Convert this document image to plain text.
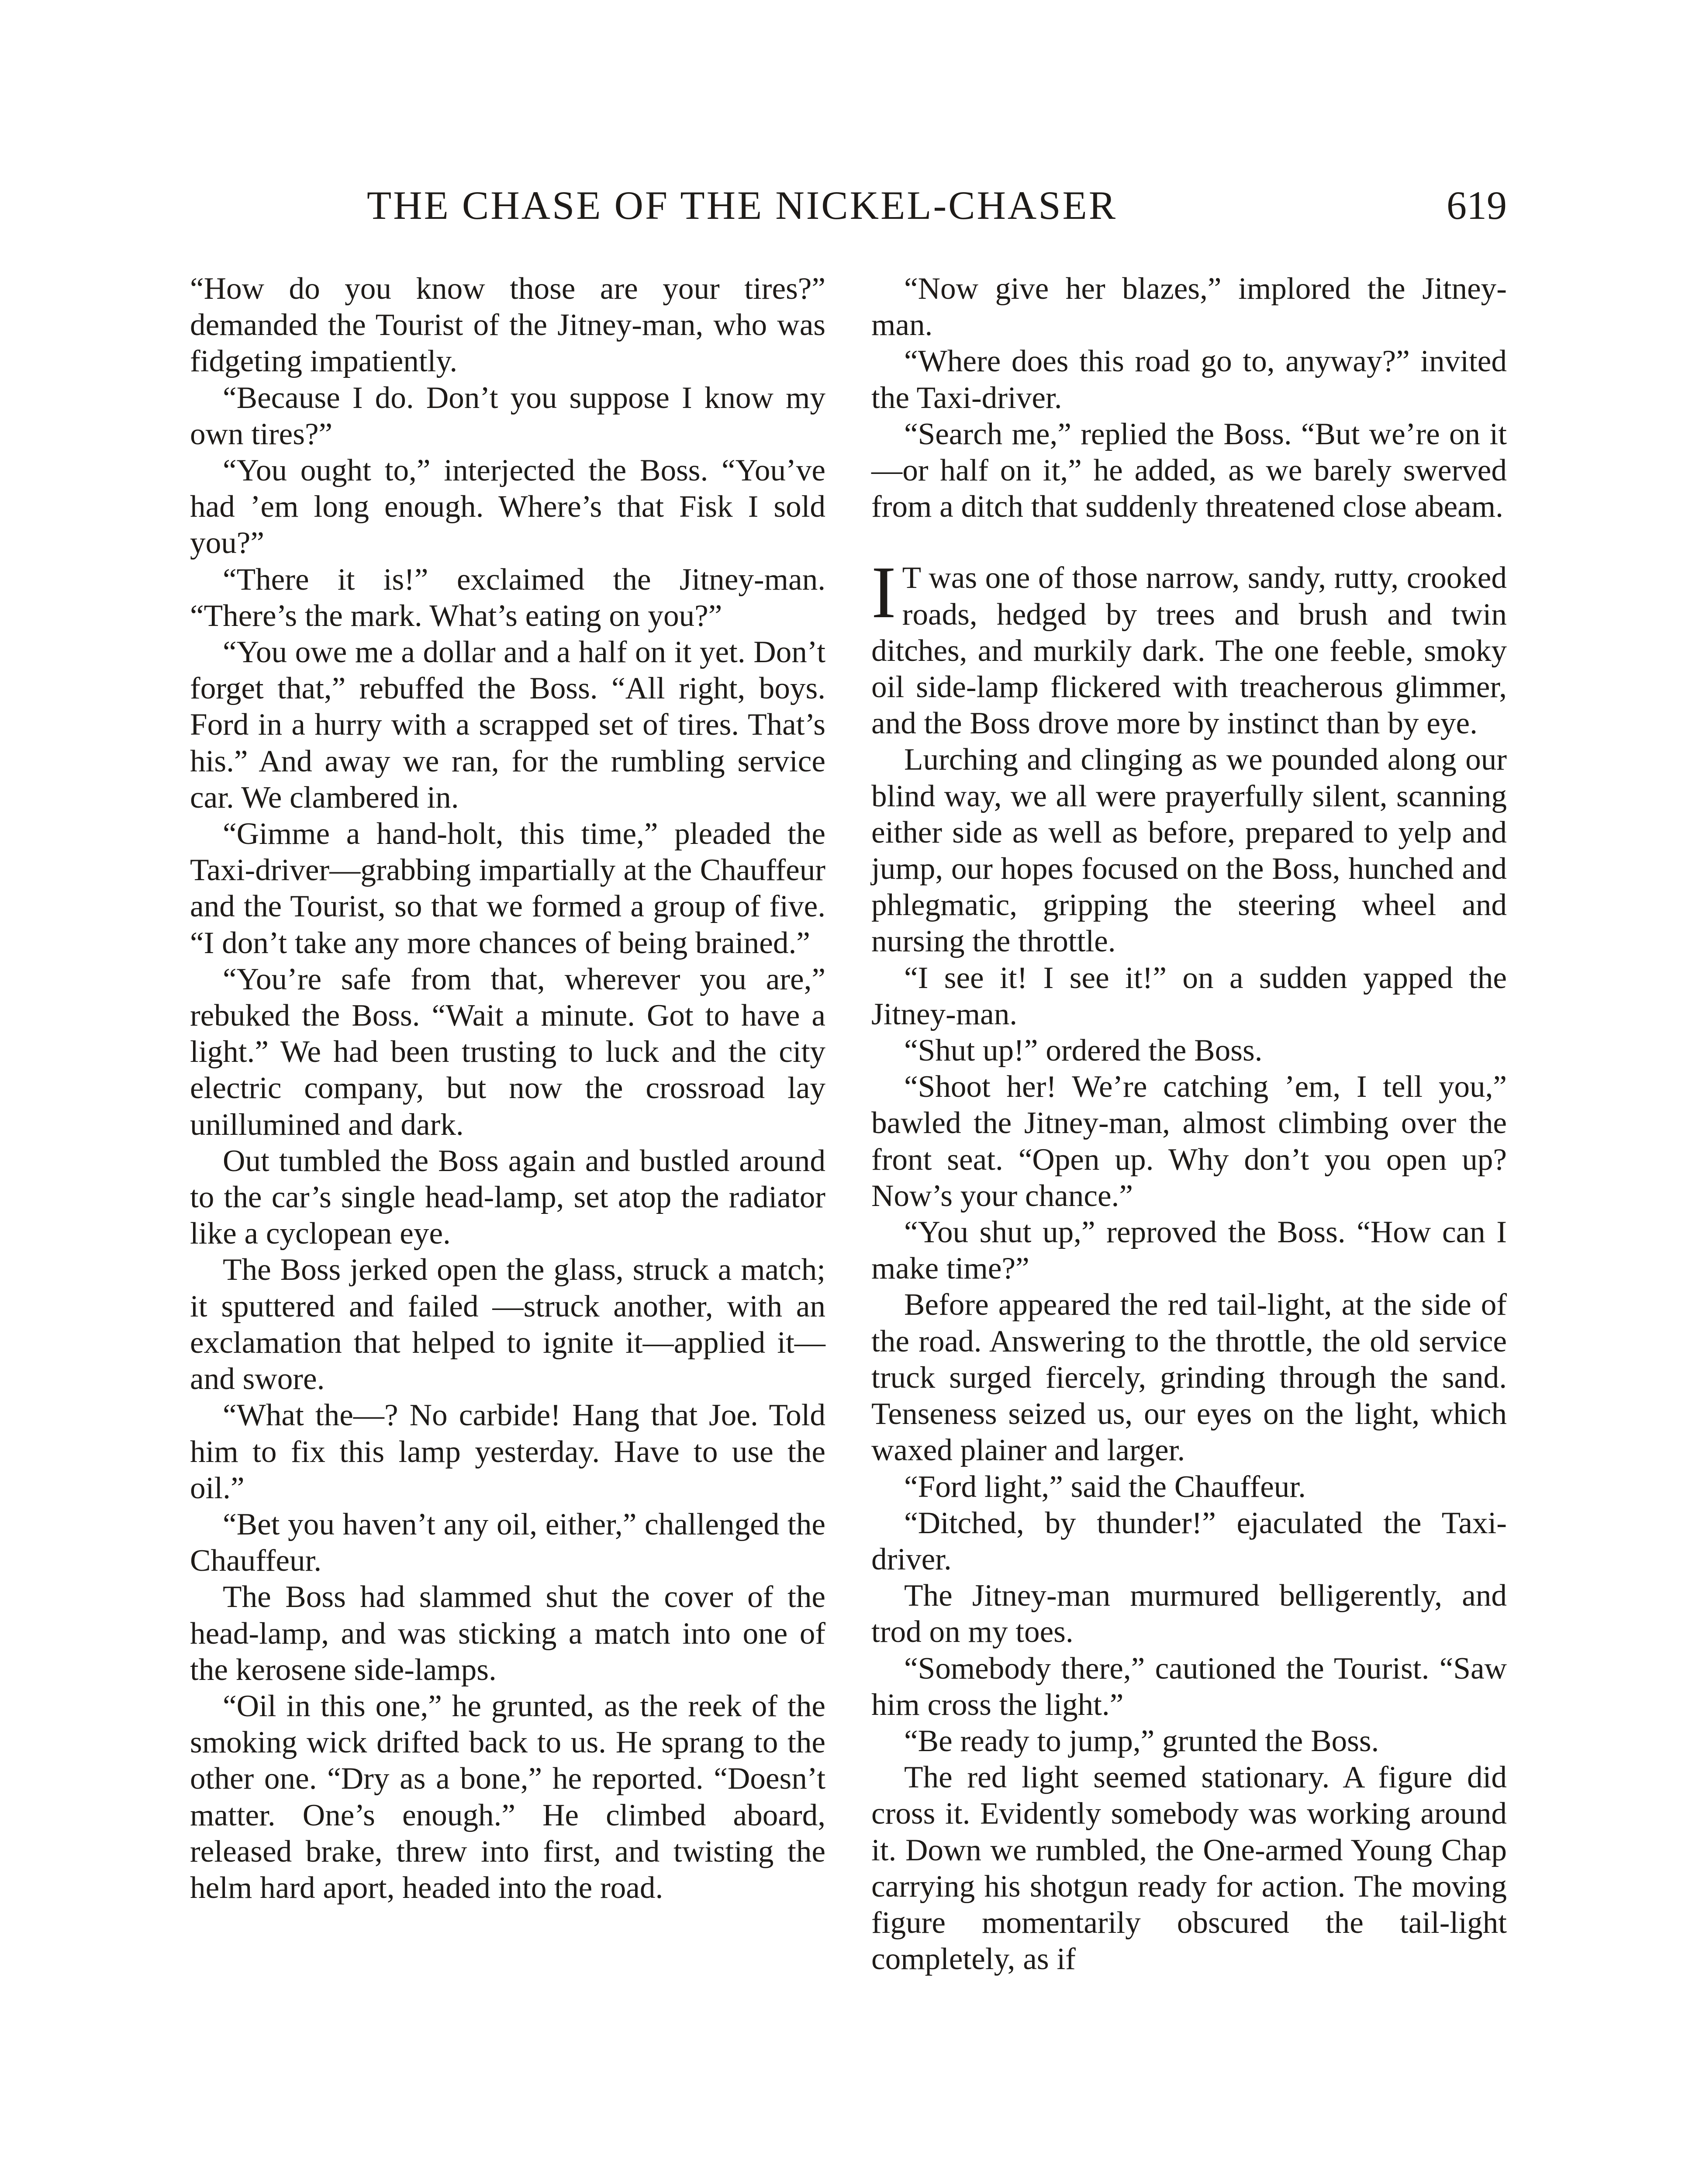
THE CHASE OF THE NICKEL-CHASER	619

“How do you know those are your tires?” demanded the Tourist of the Jitney-man, who was fidgeting impatiently.

“Because I do. Don’t you suppose I know my own tires?”

“You ought to,” interjected the Boss. “You’ve had ’em long enough. Where’s that Fisk I sold you?”

“There it is!” exclaimed the Jitney-man. “There’s the mark. What’s eating on you?”

“You owe me a dollar and a half on it yet. Don’t forget that,” rebuffed the Boss. “All right, boys. Ford in a hurry with a scrapped set of tires. That’s his.” And away we ran, for the rumbling service car. We clambered in.

“Gimme a hand-holt, this time,” pleaded the Taxi-driver—grabbing impartially at the Chauffeur and the Tourist, so that we formed a group of five. “I don’t take any more chances of being brained.”

“You’re safe from that, wherever you are,” rebuked the Boss. “Wait a minute. Got to have a light.” We had been trusting to luck and the city electric company, but now the crossroad lay unillumined and dark.

Out tumbled the Boss again and bustled around to the car’s single head-lamp, set atop the radiator like a cyclopean eye.

The Boss jerked open the glass, struck a match; it sputtered and failed —struck another, with an exclamation that helped to ignite it—applied it—and swore.

“What the—? No carbide! Hang that Joe. Told him to fix this lamp yesterday. Have to use the oil.”

“Bet you haven’t any oil, either,” challenged the Chauffeur.

The Boss had slammed shut the cover of the head-lamp, and was sticking a match into one of the kerosene side-lamps.

“Oil in this one,” he grunted, as the reek of the smoking wick drifted back to us. He sprang to the other one. “Dry as a bone,” he reported. “Doesn’t matter. One’s enough.” He climbed aboard, released brake, threw into first, and twisting the helm hard aport, headed into the road.

“Now give her blazes,” implored the Jitney-man.

“Where does this road go to, anyway?” invited the Taxi-driver.

“Search me,” replied the Boss. “But we’re on it—or half on it,” he added, as we barely swerved from a ditch that suddenly threatened close abeam.

I T was one of those narrow, sandy, rutty, crooked roads, hedged by trees and brush and twin ditches, and murkily dark. The one feeble, smoky oil side-lamp flickered with treacherous glimmer, and the Boss drove more by instinct than by eye.

Lurching and clinging as we pounded along our blind way, we all were prayerfully silent, scanning either side as well as before, prepared to yelp and jump, our hopes focused on the Boss, hunched and phlegmatic, gripping the steering wheel and nursing the throttle.

“I see it! I see it!” on a sudden yapped the Jitney-man.

“Shut up!” ordered the Boss.

“Shoot her! We’re catching ’em, I tell you,” bawled the Jitney-man, almost climbing over the front seat. “Open up. Why don’t you open up? Now’s your chance.”

“You shut up,” reproved the Boss. “How can I make time?”

Before appeared the red tail-light, at the side of the road. Answering to the throttle, the old service truck surged fiercely, grinding through the sand. Tenseness seized us, our eyes on the light, which waxed plainer and larger.

“Ford light,” said the Chauffeur.

“Ditched, by thunder!” ejaculated the Taxi-driver.

The Jitney-man murmured belligerently, and trod on my toes.

“Somebody there,” cautioned the Tourist. “Saw him cross the light.”

“Be ready to jump,” grunted the Boss.

The red light seemed stationary. A figure did cross it. Evidently somebody was working around it. Down we rumbled, the One-armed Young Chap carrying his shotgun ready for action. The moving figure momentarily obscured the tail-light completely, as if
